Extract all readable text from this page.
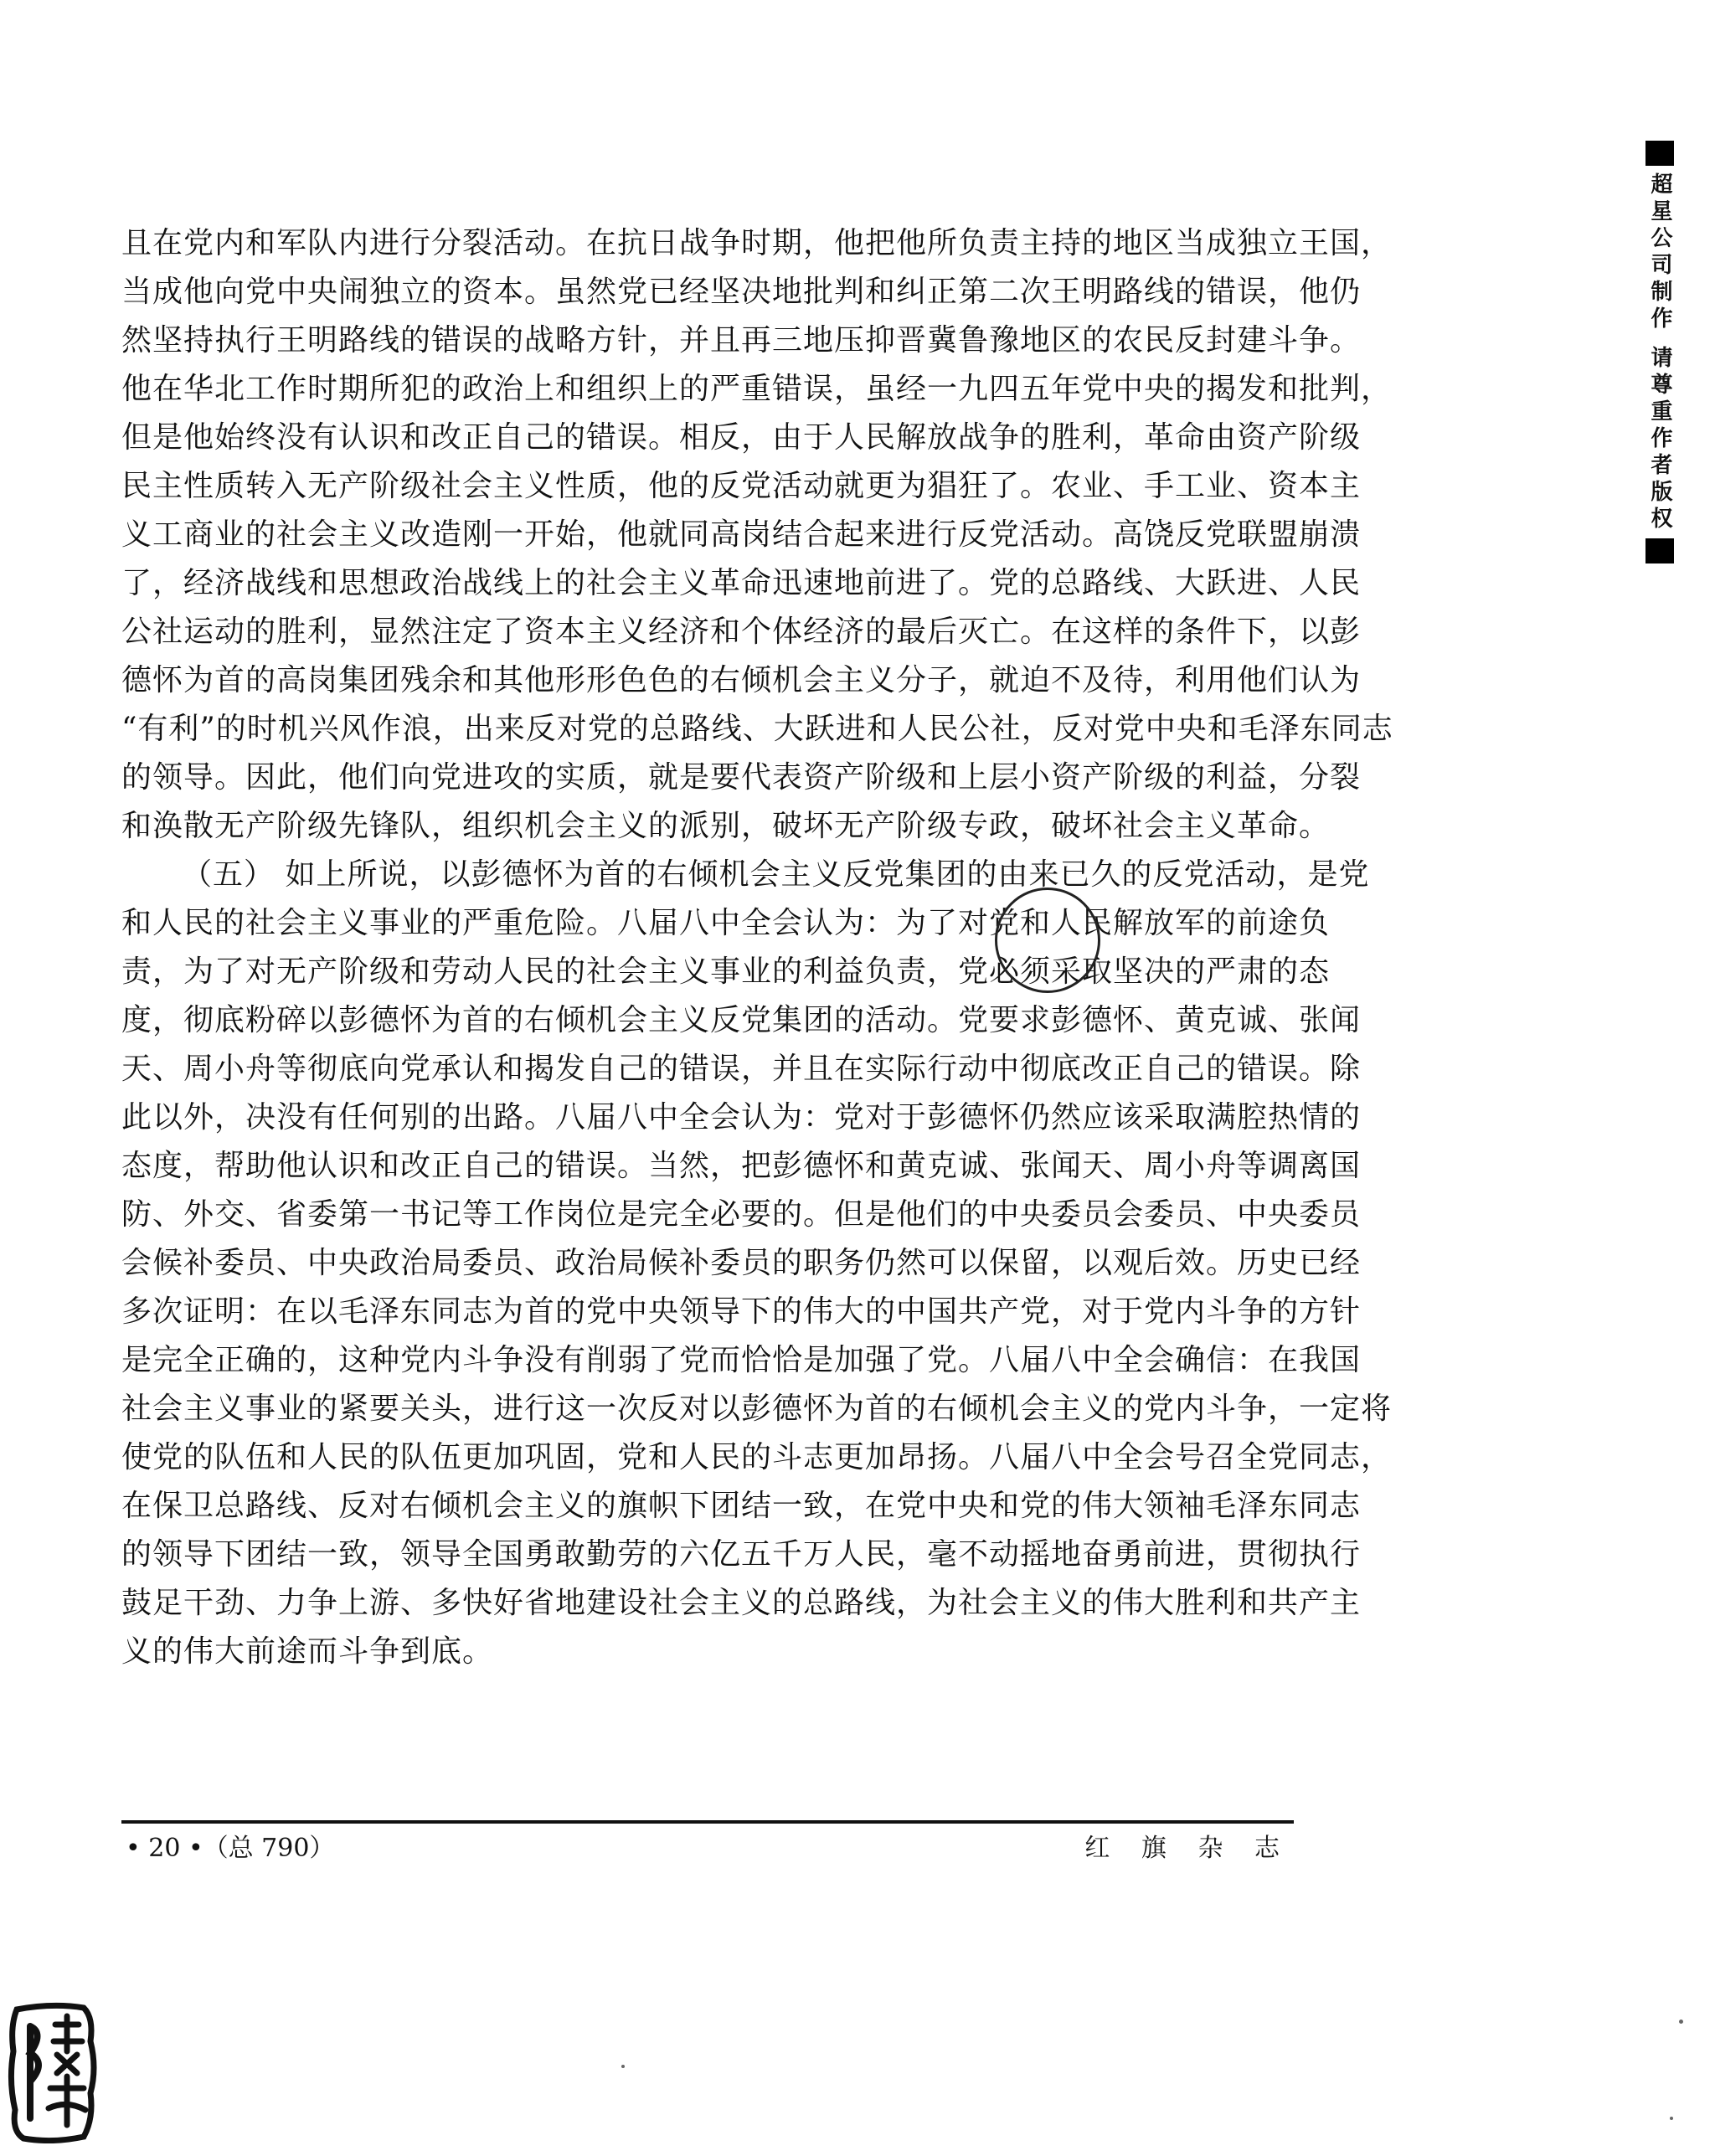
且在党内和军队内进行分裂活动。在抗日战争时期，他把他所负责主持的地区当成独立王国，
当成他向党中央闹独立的资本。虽然党已经坚决地批判和纠正第二次王明路线的错误，他仍
然坚持执行王明路线的错误的战略方针，并且再三地压抑晋冀鲁豫地区的农民反封建斗争。
他在华北工作时期所犯的政治上和组织上的严重错误，虽经一九四五年党中央的揭发和批判，
但是他始终没有认识和改正自己的错误。相反，由于人民解放战争的胜利，革命由资产阶级
民主性质转入无产阶级社会主义性质，他的反党活动就更为猖狂了。农业、手工业、资本主
义工商业的社会主义改造刚一开始，他就同高岗结合起来进行反党活动。高饶反党联盟崩溃
了，经济战线和思想政治战线上的社会主义革命迅速地前进了。党的总路线、大跃进、人民
公社运动的胜利，显然注定了资本主义经济和个体经济的最后灭亡。在这样的条件下，以彭
德怀为首的高岗集团残余和其他形形色色的右倾机会主义分子，就迫不及待，利用他们认为
“有利”的时机兴风作浪，出来反对党的总路线、大跃进和人民公社，反对党中央和毛泽东同志
的领导。因此，他们向党进攻的实质，就是要代表资产阶级和上层小资产阶级的利益，分裂
和涣散无产阶级先锋队，组织机会主义的派别，破坏无产阶级专政，破坏社会主义革命。
（五） 如上所说，以彭德怀为首的右倾机会主义反党集团的由来已久的反党活动，是党
和人民的社会主义事业的严重危险。八届八中全会认为：为了对党和人民解放军的前途负
责，为了对无产阶级和劳动人民的社会主义事业的利益负责，党必须采取坚决的严肃的态
度，彻底粉碎以彭德怀为首的右倾机会主义反党集团的活动。党要求彭德怀、黄克诚、张闻
天、周小舟等彻底向党承认和揭发自己的错误，并且在实际行动中彻底改正自己的错误。除
此以外，决没有任何别的出路。八届八中全会认为：党对于彭德怀仍然应该采取满腔热情的
态度，帮助他认识和改正自己的错误。当然，把彭德怀和黄克诚、张闻天、周小舟等调离国
防、外交、省委第一书记等工作岗位是完全必要的。但是他们的中央委员会委员、中央委员
会候补委员、中央政治局委员、政治局候补委员的职务仍然可以保留，以观后效。历史已经
多次证明：在以毛泽东同志为首的党中央领导下的伟大的中国共产党，对于党内斗争的方针
是完全正确的，这种党内斗争没有削弱了党而恰恰是加强了党。八届八中全会确信：在我国
社会主义事业的紧要关头，进行这一次反对以彭德怀为首的右倾机会主义的党内斗争，一定将
使党的队伍和人民的队伍更加巩固，党和人民的斗志更加昂扬。八届八中全会号召全党同志，
在保卫总路线、反对右倾机会主义的旗帜下团结一致，在党中央和党的伟大领袖毛泽东同志
的领导下团结一致，领导全国勇敢勤劳的六亿五千万人民，毫不动摇地奋勇前进，贯彻执行
鼓足干劲、力争上游、多快好省地建设社会主义的总路线，为社会主义的伟大胜利和共产主
义的伟大前途而斗争到底。
• 20 •（总 790）	红 旗 杂 志
超星公司制作 请尊重作者版权
